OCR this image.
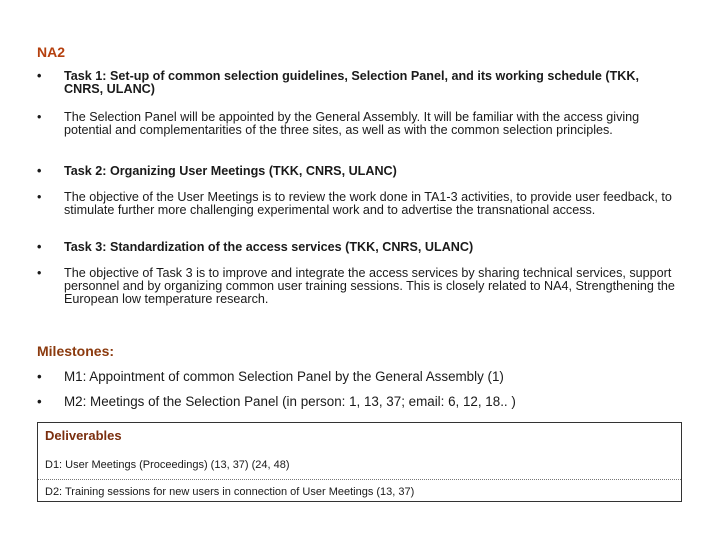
NA2
• Task 1: Set-up of common selection guidelines, Selection Panel, and its working schedule (TKK, CNRS, ULANC)
• The Selection Panel will be appointed by the General Assembly. It will be familiar with the access giving potential and complementarities of the three sites, as well as with the common selection principles.
• Task 2: Organizing User Meetings (TKK, CNRS, ULANC)
• The objective of the User Meetings is to review the work done in TA1-3 activities, to provide user feedback, to stimulate further more challenging experimental work and to advertise the transnational access.
• Task 3: Standardization of the access services (TKK, CNRS, ULANC)
• The objective of Task 3 is to improve and integrate the access services by sharing technical services, support personnel and by organizing common user training sessions. This is closely related to NA4, Strengthening the European low temperature research.
Milestones:
• M1: Appointment of common Selection Panel by the General Assembly (1)
• M2: Meetings of the Selection Panel (in person: 1, 13, 37; email: 6, 12, 18.. )
Deliverables
D1: User Meetings (Proceedings) (13, 37) (24, 48)
D2: Training sessions for new users in connection of User Meetings (13, 37)
